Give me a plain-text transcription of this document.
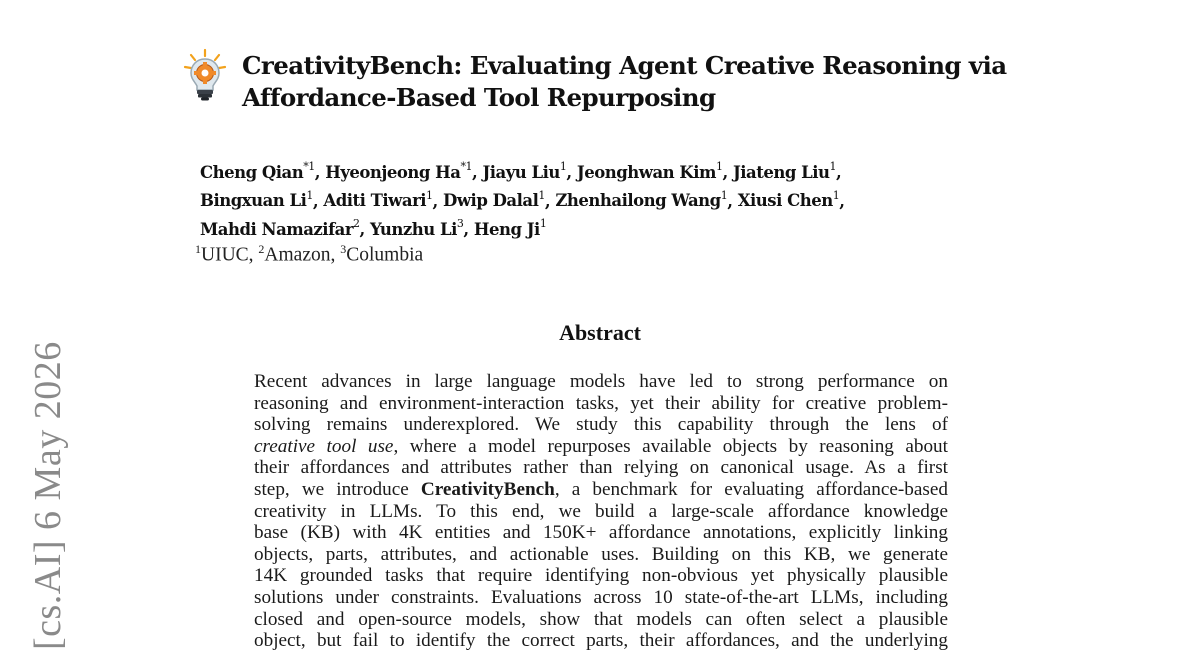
[cs.AI] 6 May 2026
CreativityBench: Evaluating Agent Creative Reasoning via
Affordance-Based Tool Repurposing
Cheng Qian$^{*1}$, Hyeonjeong Ha$^{*1}$, Jiayu Liu$^1$, Jeonghwan Kim$^1$, Jiateng Liu$^1$,
Bingxuan Li$^1$, Aditi Tiwari$^1$, Dwip Dalal$^1$, Zhenhailong Wang$^1$, Xiusi Chen$^1$,
Mahdi Namazifar$^2$, Yunzhu Li$^3$, Heng Ji$^1$
$^1$UIUC, $^2$Amazon, $^3$Columbia
Abstract
Recent advances in large language models have led to strong performance on
reasoning and environment-interaction tasks, yet their ability for creative problem-
solving remains underexplored. We study this capability through the lens of
creative tool use, where a model repurposes available objects by reasoning about
their affordances and attributes rather than relying on canonical usage. As a first
step, we introduce CreativityBench, a benchmark for evaluating affordance-based
creativity in LLMs. To this end, we build a large-scale affordance knowledge
base (KB) with 4K entities and 150K+ affordance annotations, explicitly linking
objects, parts, attributes, and actionable uses. Building on this KB, we generate
14K grounded tasks that require identifying non-obvious yet physically plausible
solutions under constraints. Evaluations across 10 state-of-the-art LLMs, including
closed and open-source models, show that models can often select a plausible
object, but fail to identify the correct parts, their affordances, and the underlying
